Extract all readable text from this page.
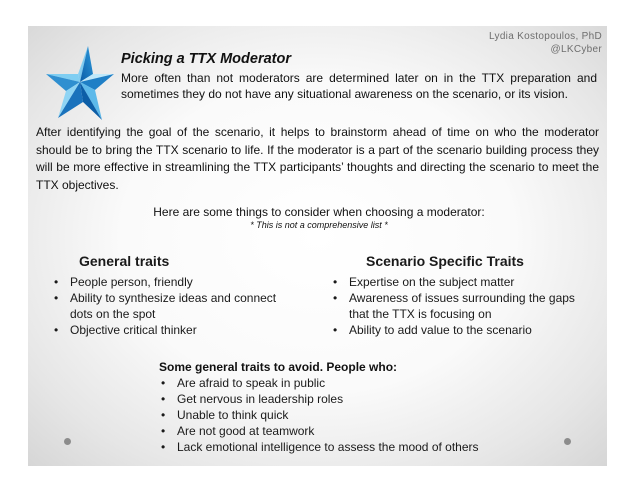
Lydia Kostopoulos, PhD
@LKCyber
Picking a TTX Moderator
More often than not moderators are determined later on in the TTX preparation and sometimes they do not have any situational awareness on the scenario, or its vision.
After identifying the goal of the scenario, it helps to brainstorm ahead of time on who the moderator should be to bring the TTX scenario to life. If the moderator is a part of the scenario building process they will be more effective in streamlining the TTX participants’ thoughts and directing the scenario to meet the TTX objectives.
Here are some things to consider when choosing a moderator:
* This is not a comprehensive list *
General traits	Scenario Specific Traits
• People person, friendly
• Ability to synthesize ideas and connect dots on the spot
• Objective critical thinker
• Expertise on the subject matter
• Awareness of issues surrounding the gaps that the TTX is focusing on
• Ability to add value to the scenario
Some general traits to avoid. People who:
• Are afraid to speak in public
• Get nervous in leadership roles
• Unable to think quick
• Are not good at teamwork
• Lack emotional intelligence to assess the mood of others
